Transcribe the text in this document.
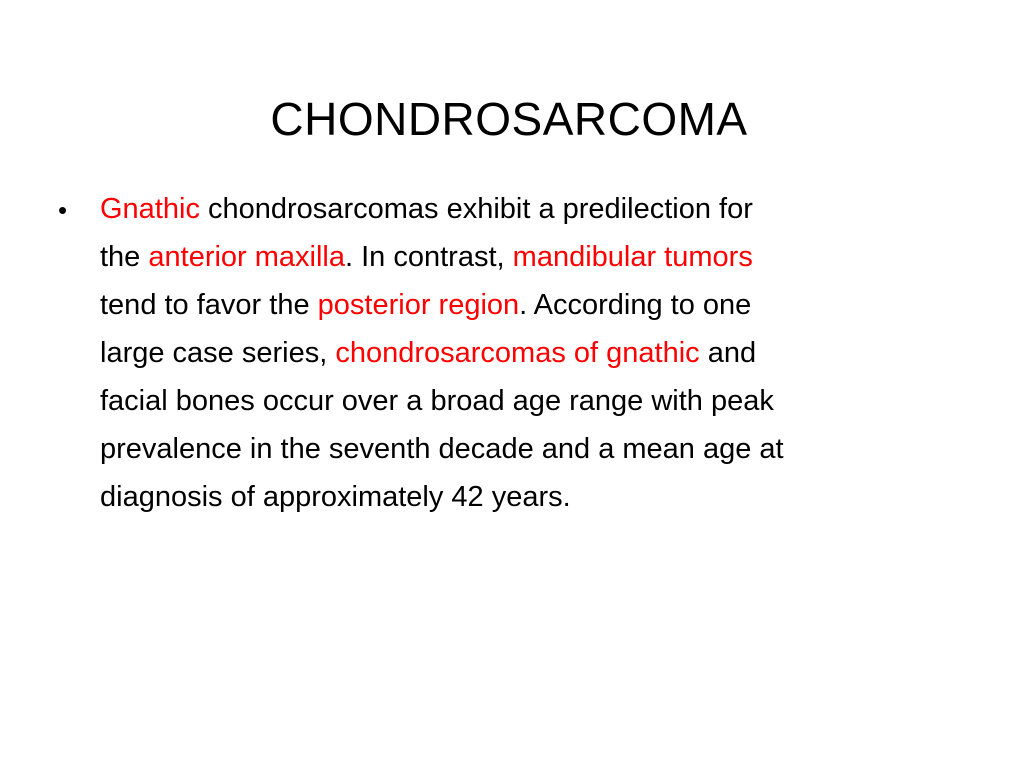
CHONDROSARCOMA
• Gnathic chondrosarcomas exhibit a predilection for
the anterior maxilla. In contrast, mandibular tumors
tend to favor the posterior region. According to one
large case series, chondrosarcomas of gnathic and
facial bones occur over a broad age range with peak
prevalence in the seventh decade and a mean age at
diagnosis of approximately 42 years.
